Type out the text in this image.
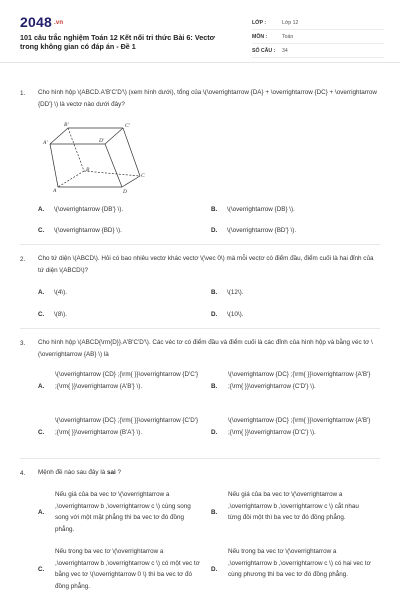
2048 .vn
101 câu trắc nghiệm Toán 12 Kết nối tri thức Bài 6: Vectơ trong không gian có đáp án - Đề 1
LỚP :	Lớp 12
MÔN :	Toán
SỐ CÂU :	34
1. Cho hình hộp \(ABCD.A'B'C'D'\) (xem hình dưới), tổng của \(\overrightarrow {DA} + \overrightarrow {DC} + \overrightarrow {DD'} \) là vectơ nào dưới đây?
B'	C'
A'	D'
B
C
A	D
A. \(\overrightarrow {DB'} \).	B. \(\overrightarrow {DB} \).
C. \(\overrightarrow {BD} \).	D. \(\overrightarrow {BD'} \).
2. Cho tứ diện \(ABCD\). Hỏi có bao nhiêu vectơ khác vectơ \(\vec 0\) mà mỗi vectơ có điểm đầu, điểm cuối là hai đỉnh của tứ diện \(ABCD\)?
A. \(4\).	B. \(12\).
C. \(8\).	D. \(10\).
3. Cho hình hộp \(ABCD{\rm{D}}.A'B'C'D'\). Các véc tơ có điểm đầu và điểm cuối là các đỉnh của hình hộp và bằng véc tơ \(\overrightarrow {AB} \) là
A.
\(\overrightarrow {CD} ;{\rm{ }}\overrightarrow {D'C'} ;{\rm{ }}\overrightarrow {A'B'} \).	B.
\(\overrightarrow {DC} ;{\rm{ }}\overrightarrow {A'B'} ;{\rm{ }}\overrightarrow {C'D'} \).
C.
\(\overrightarrow {DC} ;{\rm{ }}\overrightarrow {C'D'} ;{\rm{ }}\overrightarrow {B'A'} \).	D.
\(\overrightarrow {DC} ;{\rm{ }}\overrightarrow {A'B'} ;{\rm{ }}\overrightarrow {D'C'} \).
4. Mệnh đề nào sau đây là sai ?
A.
Nếu giá của ba vec tơ \(\overrightarrow a ,\overrightarrow b ,\overrightarrow c \) cùng song song với một mặt phẳng thì ba vec tơ đó đồng phẳng.
B.
Nếu giá của ba vec tơ \(\overrightarrow a ,\overrightarrow b ,\overrightarrow c \) cắt nhau từng đôi một thì ba vec tơ đó đồng phẳng.
C.
Nếu trong ba vec tơ \(\overrightarrow a ,\overrightarrow b ,\overrightarrow c \) có một vec tơ bằng vec tơ \(\overrightarrow 0 \) thì ba vec tơ đó đồng phẳng.
D.
Nếu trong ba vec tơ \(\overrightarrow a ,\overrightarrow b ,\overrightarrow c \) có hai vec tơ cùng phương thì ba vec tơ đó đồng phẳng.
